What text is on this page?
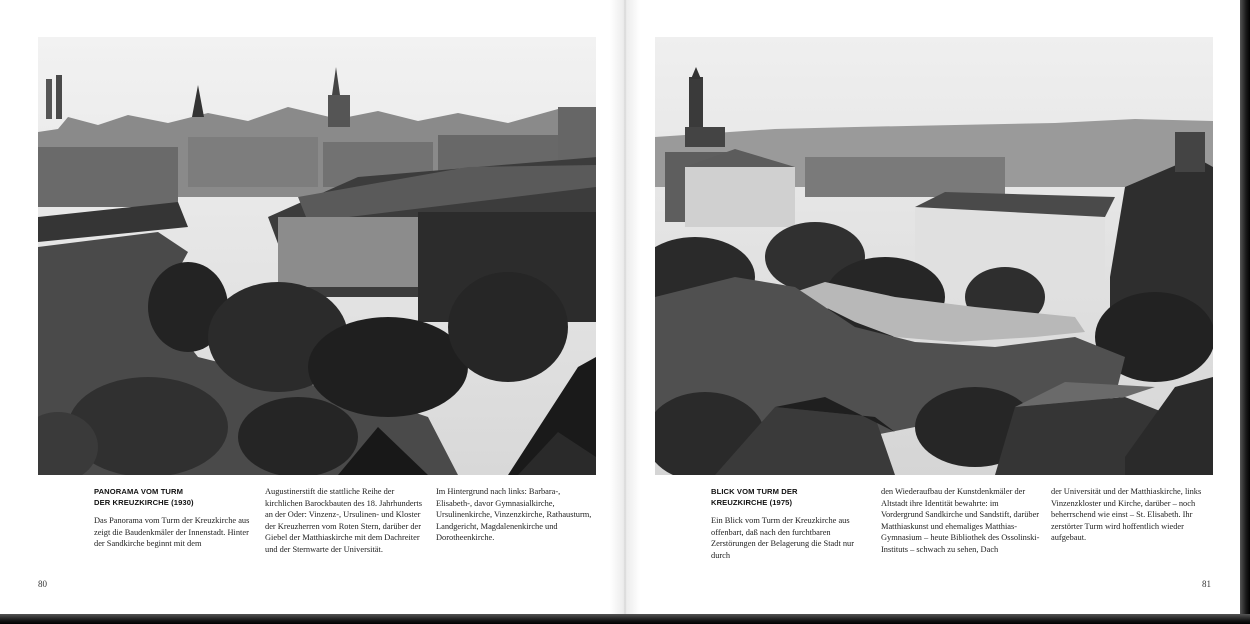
PANORAMA VOM TURM
DER KREUZKIRCHE (1930)

Das Panorama vom Turm der Kreuzkirche aus zeigt die Baudenkmäler der Innenstadt. Hinter der Sandkirche beginnt mit dem

Augustinerstift die stattliche Reihe der kirchlichen Barockbauten des 18. Jahrhunderts an der Oder: Vinzenz-, Ursulinen- und Kloster der Kreuzherren vom Roten Stern, darüber der Giebel der Matthiaskirche mit dem Dachreiter und der Sternwarte der Universität.

Im Hintergrund nach links: Barbara-, Elisabeth-, davor Gymnasialkirche, Ursulinenkirche, Vinzenzkirche, Rathausturm, Landgericht, Magdalenenkirche und Dorotheenkirche.

80
BLICK VOM TURM DER
KREUZKIRCHE (1975)

Ein Blick vom Turm der Kreuzkirche aus offenbart, daß nach den furchtbaren Zerstörungen der Belagerung die Stadt nur durch

den Wiederaufbau der Kunstdenkmäler der Altstadt ihre Identität bewahrte: im Vordergrund Sandkirche und Sandstift, darüber Matthiaskunst und ehemaliges Matthias-Gymnasium – heute Bibliothek des Ossolinski-Instituts – schwach zu sehen, Dach

der Universität und der Matthiaskirche, links Vinzenzkloster und Kirche, darüber – noch beherrschend wie einst – St. Elisabeth. Ihr zerstörter Turm wird hoffentlich wieder aufgebaut.

81
